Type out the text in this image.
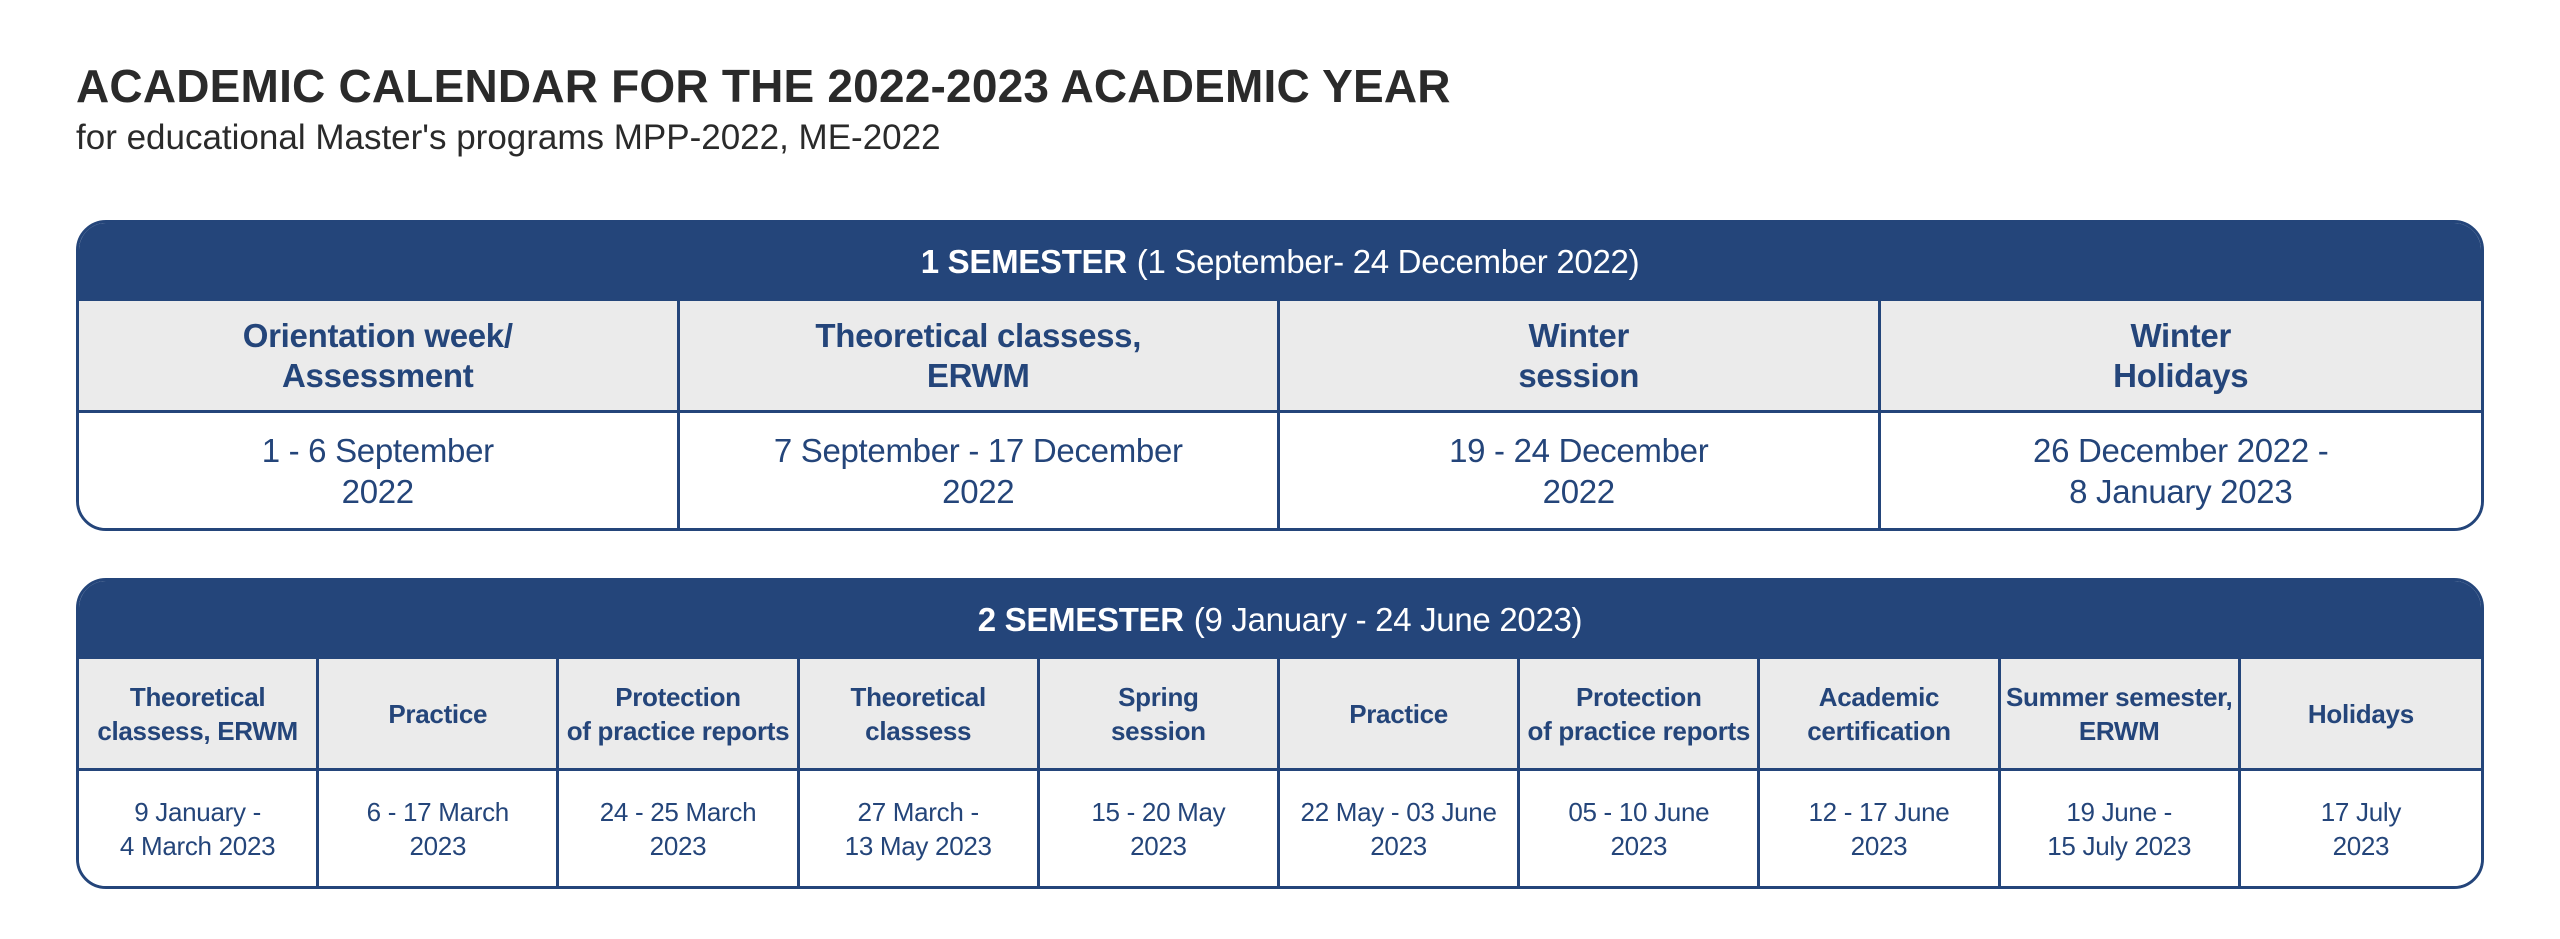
ACADEMIC CALENDAR FOR THE 2022-2023 ACADEMIC YEAR
for educational Master's programs MPP-2022, ME-2022
1 SEMESTER (1 September- 24 December 2022)
Orientation week/
Assessment
Theoretical classess,
ERWM
Winter
session
Winter
Holidays
1 - 6 September
2022
7 September - 17 December
2022
19 - 24 December
2022
26 December 2022 -
8 January 2023
2 SEMESTER (9 January - 24 June 2023)
Theoretical
classess, ERWM
Practice
Protection
of practice reports
Theoretical
classess
Spring
session
Practice
Protection
of practice reports
Academic
certification
Summer semester,
ERWM
Holidays
9 January -
4 March 2023
6 - 17 March
2023
24 - 25 March
2023
27 March -
13 May 2023
15 - 20 May
2023
22 May - 03 June
2023
05 - 10 June
2023
12 - 17 June
2023
19 June -
15 July 2023
17 July
2023
